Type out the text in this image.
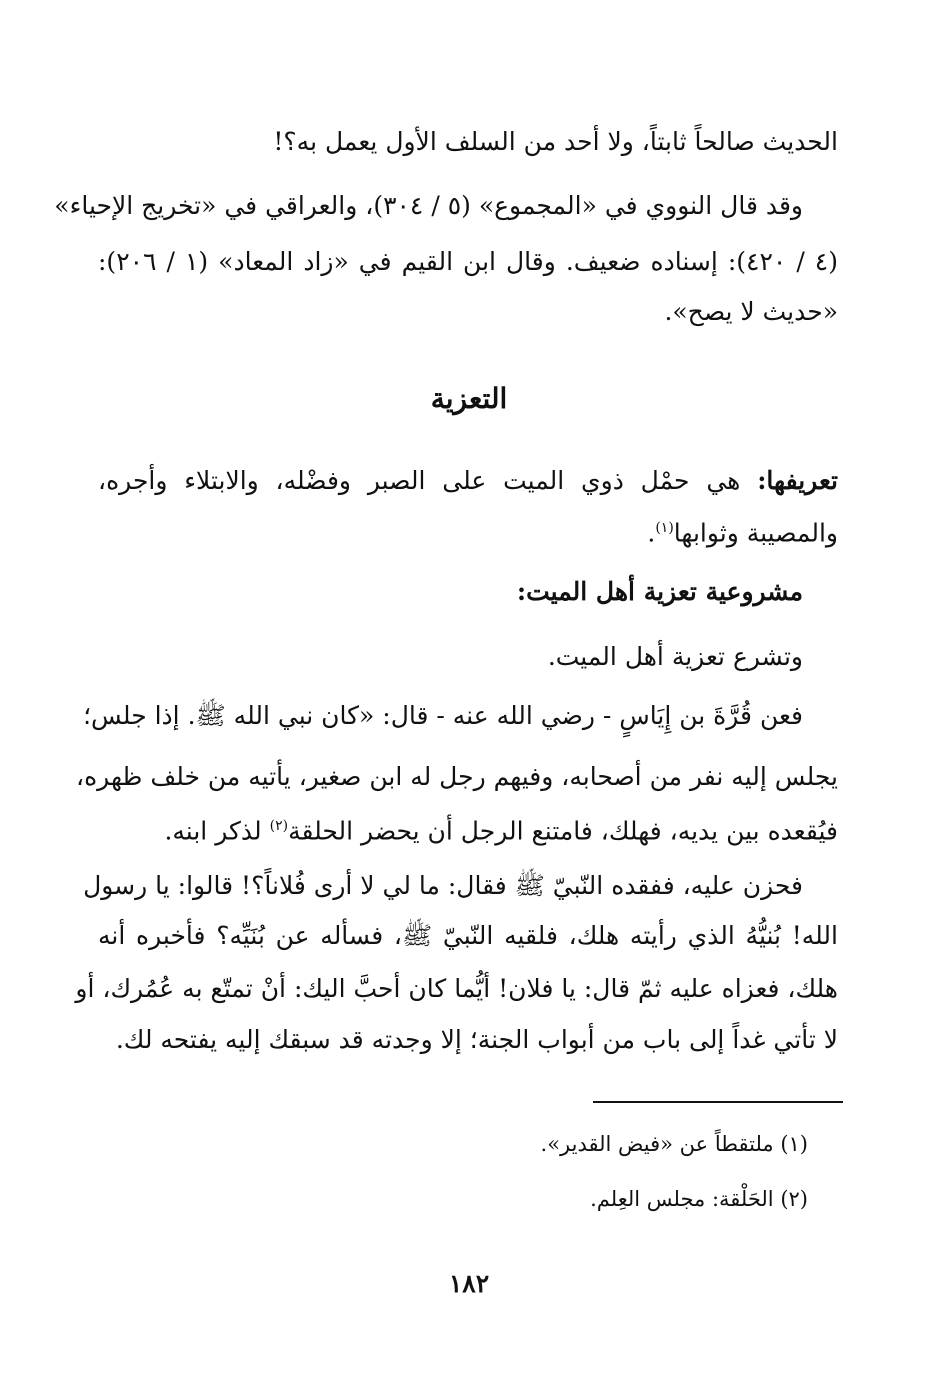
الحديث صالحاً ثابتاً، ولا أحد من السلف الأول يعمل به؟!
وقد قال النووي في «المجموع» (٥ / ٣٠٤)، والعراقي في «تخريج الإحياء»
(٤ / ٤٢٠): إسناده ضعيف. وقال ابن القيم في «زاد المعاد» (١ / ٢٠٦):
«حديث لا يصح».
التعزية
تعريفها: هي حمْل ذوي الميت على الصبر وفضْله، والابتلاء وأجره،
والمصيبة وثوابها$^{(١)}$.
مشروعية تعزية أهل الميت:
وتشرع تعزية أهل الميت.
فعن قُرَّةَ بن إِيَاسٍ - رضي الله عنه - قال: «كان نبي الله ﷺ. إذا جلس؛
يجلس إليه نفر من أصحابه، وفيهم رجل له ابن صغير، يأتيه من خلف ظهره،
فيُقعده بين يديه، فهلك، فامتنع الرجل أن يحضر الحلقة$^{(٢)}$ لذكر ابنه.
فحزن عليه، ففقده النّبيّ ﷺ فقال: ما لي لا أرى فُلاناً؟! قالوا: يا رسول
الله! بُنيُّهُ الذي رأيته هلك، فلقيه النّبيّ ﷺ، فسأله عن بُنَيِّه؟ فأخبره أنه
هلك، فعزاه عليه ثمّ قال: يا فلان! أيُّما كان أحبَّ اليك: أنْ تمتّع به عُمُرك، أو
لا تأتي غداً إلى باب من أبواب الجنة؛ إلا وجدته قد سبقك إليه يفتحه لك.
(١) ملتقطاً عن «فيض القدير».
(٢) الحَلْقة: مجلس العِلم.
١٨٢
